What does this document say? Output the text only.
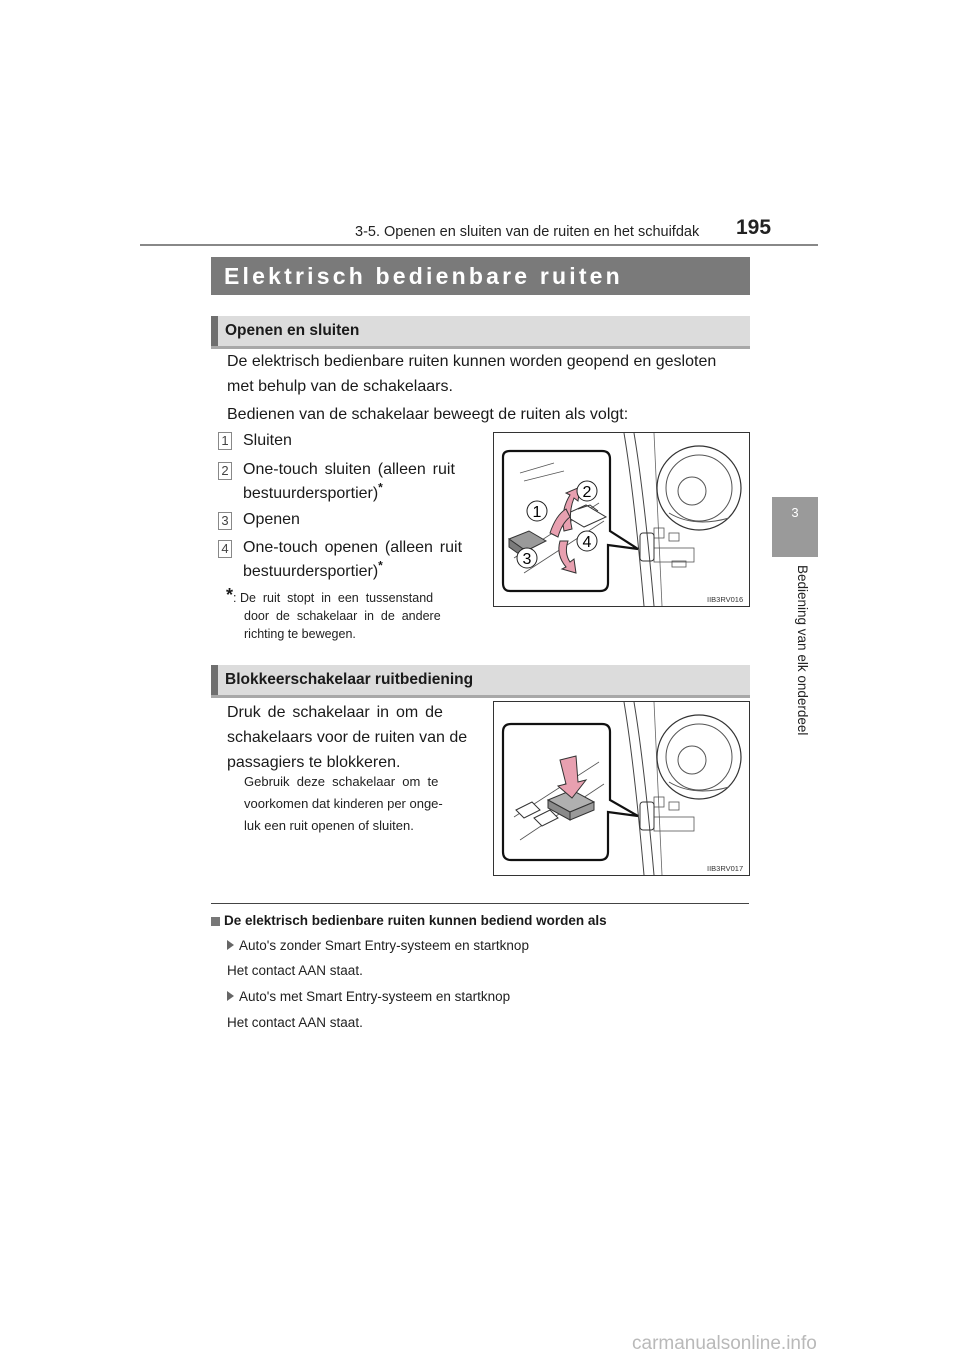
3-5. Openen en sluiten van de ruiten en het schuifdak 195
3
Bediening van elk onderdeel
Elektrisch bedienbare ruiten
Openen en sluiten
De elektrisch bedienbare ruiten kunnen worden geopend en gesloten
met behulp van de schakelaars.
Bedienen van de schakelaar beweegt de ruiten als volgt:
1 Sluiten
2 One-touch  sluiten  (alleen  ruit
bestuurdersportier)*
3 Openen
4 One-touch  openen  (alleen  ruit
bestuurdersportier)*
* : De  ruit  stopt  in  een  tussenstand
door  de  schakelaar  in  de  andere
richting te bewegen.
1
2
3
4
IIB3RV016
Blokkeerschakelaar ruitbediening
Druk  de  schakelaar  in  om  de
schakelaars voor de ruiten van de
passagiers te blokkeren.
Gebruik  deze  schakelaar  om  te
voorkomen dat kinderen per onge-
luk een ruit openen of sluiten.
IIB3RV017
De elektrisch bedienbare ruiten kunnen bediend worden als
Auto's zonder Smart Entry-systeem en startknop
Het contact AAN staat.
Auto's met Smart Entry-systeem en startknop
Het contact AAN staat.
carmanualsonline.info
